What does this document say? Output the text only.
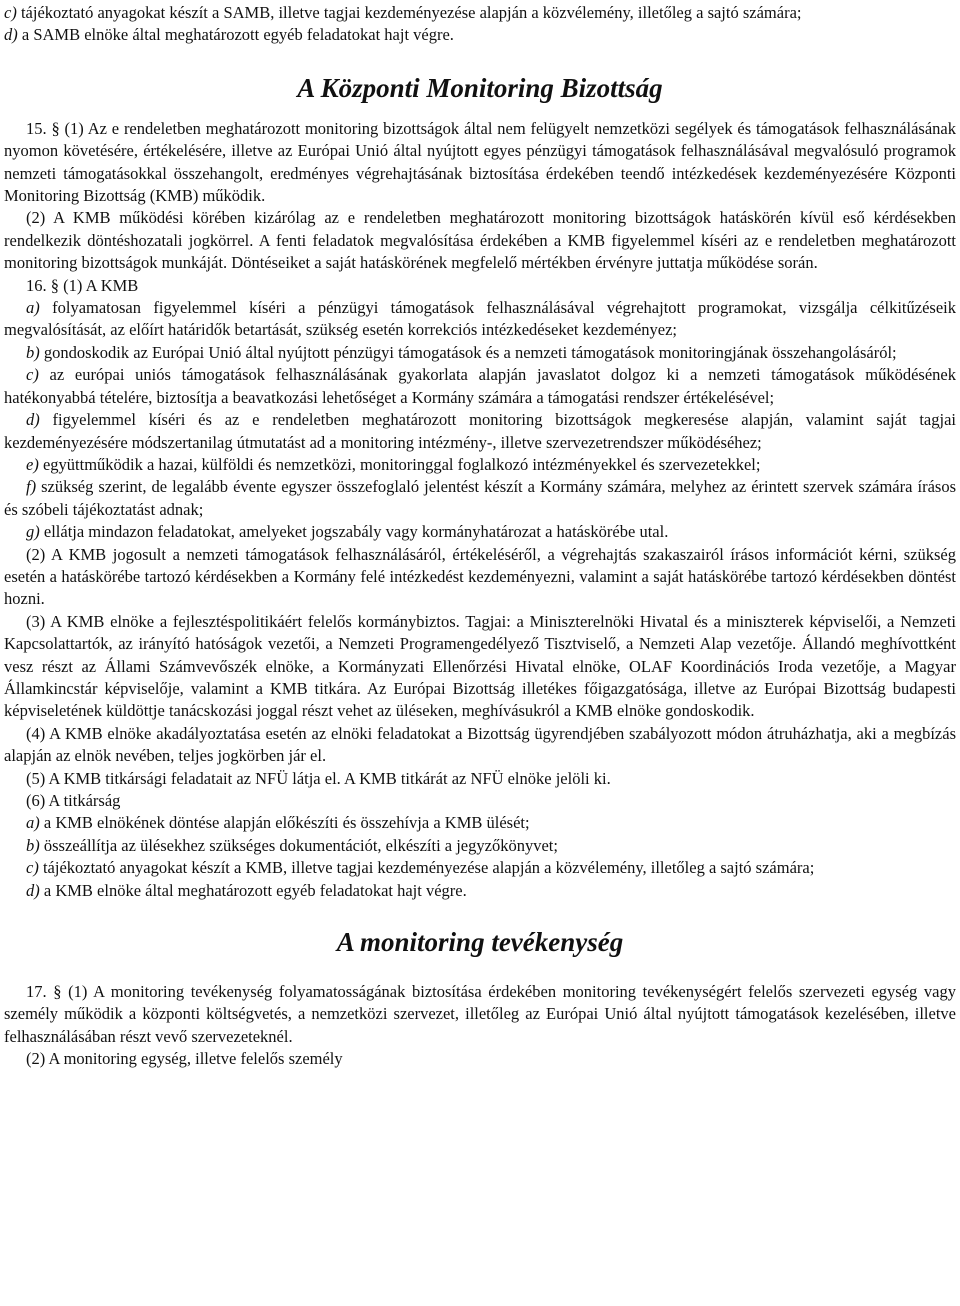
c) tájékoztató anyagokat készít a SAMB, illetve tagjai kezdeményezése alapján a közvélemény, illetőleg a sajtó számára;

d) a SAMB elnöke által meghatározott egyéb feladatokat hajt végre.

A Központi Monitoring Bizottság

15. § (1) Az e rendeletben meghatározott monitoring bizottságok által nem felügyelt nemzetközi segélyek és támogatások felhasználásának nyomon követésére, értékelésére, illetve az Európai Unió által nyújtott egyes pénzügyi támogatások felhasználásával megvalósuló programok nemzeti támogatásokkal összehangolt, eredményes végrehajtásának biztosítása érdekében teendő intézkedések kezdeményezésére Központi Monitoring Bizottság (KMB) működik.

(2) A KMB működési körében kizárólag az e rendeletben meghatározott monitoring bizottságok hatáskörén kívül eső kérdésekben rendelkezik döntéshozatali jogkörrel. A fenti feladatok megvalósítása érdekében a KMB figyelemmel kíséri az e rendeletben meghatározott monitoring bizottságok munkáját. Döntéseiket a saját hatáskörének megfelelő mértékben érvényre juttatja működése során.

16. § (1) A KMB

a) folyamatosan figyelemmel kíséri a pénzügyi támogatások felhasználásával végrehajtott programokat, vizsgálja célkitűzéseik megvalósítását, az előírt határidők betartását, szükség esetén korrekciós intézkedéseket kezdeményez;

b) gondoskodik az Európai Unió által nyújtott pénzügyi támogatások és a nemzeti támogatások monitoringjának összehangolásáról;

c) az európai uniós támogatások felhasználásának gyakorlata alapján javaslatot dolgoz ki a nemzeti támogatások működésének hatékonyabbá tételére, biztosítja a beavatkozási lehetőséget a Kormány számára a támogatási rendszer értékelésével;

d) figyelemmel kíséri és az e rendeletben meghatározott monitoring bizottságok megkeresése alapján, valamint saját tagjai kezdeményezésére módszertanilag útmutatást ad a monitoring intézmény-, illetve szervezetrendszer működéséhez;

e) együttműködik a hazai, külföldi és nemzetközi, monitoringgal foglalkozó intézményekkel és szervezetekkel;

f) szükség szerint, de legalább évente egyszer összefoglaló jelentést készít a Kormány számára, melyhez az érintett szervek számára írásos és szóbeli tájékoztatást adnak;

g) ellátja mindazon feladatokat, amelyeket jogszabály vagy kormányhatározat a hatáskörébe utal.

(2) A KMB jogosult a nemzeti támogatások felhasználásáról, értékeléséről, a végrehajtás szakaszairól írásos információt kérni, szükség esetén a hatáskörébe tartozó kérdésekben a Kormány felé intézkedést kezdeményezni, valamint a saját hatáskörébe tartozó kérdésekben döntést hozni.

(3) A KMB elnöke a fejlesztéspolitikáért felelős kormánybiztos. Tagjai: a Miniszterelnöki Hivatal és a miniszterek képviselői, a Nemzeti Kapcsolattartók, az irányító hatóságok vezetői, a Nemzeti Programengedélyező Tisztviselő, a Nemzeti Alap vezetője. Állandó meghívottként vesz részt az Állami Számvevőszék elnöke, a Kormányzati Ellenőrzési Hivatal elnöke, OLAF Koordinációs Iroda vezetője, a Magyar Államkincstár képviselője, valamint a KMB titkára. Az Európai Bizottság illetékes főigazgatósága, illetve az Európai Bizottság budapesti képviseletének küldöttje tanácskozási joggal részt vehet az üléseken, meghívásukról a KMB elnöke gondoskodik.

(4) A KMB elnöke akadályoztatása esetén az elnöki feladatokat a Bizottság ügyrendjében szabályozott módon átruházhatja, aki a megbízás alapján az elnök nevében, teljes jogkörben jár el.

(5) A KMB titkársági feladatait az NFÜ látja el. A KMB titkárát az NFÜ elnöke jelöli ki.

(6) A titkárság

a) a KMB elnökének döntése alapján előkészíti és összehívja a KMB ülését;

b) összeállítja az ülésekhez szükséges dokumentációt, elkészíti a jegyzőkönyvet;

c) tájékoztató anyagokat készít a KMB, illetve tagjai kezdeményezése alapján a közvélemény, illetőleg a sajtó számára;

d) a KMB elnöke által meghatározott egyéb feladatokat hajt végre.

A monitoring tevékenység

17. § (1) A monitoring tevékenység folyamatosságának biztosítása érdekében monitoring tevékenységért felelős szervezeti egység vagy személy működik a központi költségvetés, a nemzetközi szervezet, illetőleg az Európai Unió által nyújtott támogatások kezelésében, illetve felhasználásában részt vevő szervezeteknél.

(2) A monitoring egység, illetve felelős személy
